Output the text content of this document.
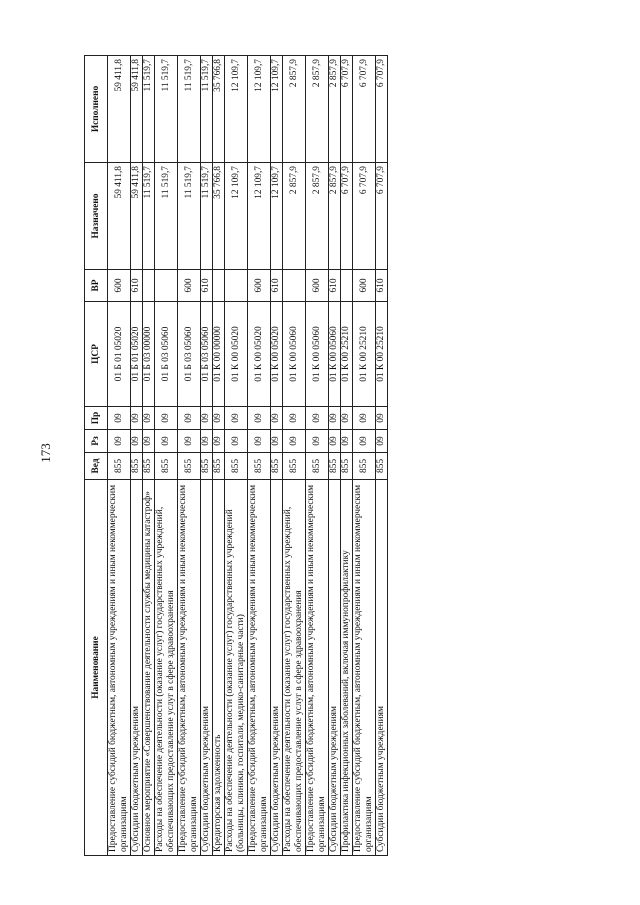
173
Наименование	Вед	Рз	Пр	ЦСР	ВР	Назначено	Исполнено
Предоставление субсидий бюджетным, автономным учреждениям и иным некоммерческим организациям	855	09	09	01 Б 01 05020	600	59 411,8	59 411,8
Субсидии бюджетным учреждениям	855	09	09	01 Б 01 05020	610	59 411,8	59 411,8
Основное мероприятие «Совершенствование деятельности службы медицины катастроф»	855	09	09	01 Б 03 00000		11 519,7	11 519,7
Расходы на обеспечение деятельности (оказание услуг) государственных учреждений, обеспечивающих предоставление услуг в сфере здравоохранения	855	09	09	01 Б 03 05060		11 519,7	11 519,7
Предоставление субсидий бюджетным, автономным учреждениям и иным некоммерческим организациям	855	09	09	01 Б 03 05060	600	11 519,7	11 519,7
Субсидии бюджетным учреждениям	855	09	09	01 Б 03 05060	610	11 519,7	11 519,7
Кредиторская задолженность	855	09	09	01 К 00 00000		35 766,8	35 766,8
Расходы на обеспечение деятельности (оказание услуг) государственных учреждений (больницы, клиники, госпитали, медико-санитарные части)	855	09	09	01 К 00 05020		12 109,7	12 109,7
Предоставление субсидий бюджетным, автономным учреждениям и иным некоммерческим организациям	855	09	09	01 К 00 05020	600	12 109,7	12 109,7
Субсидии бюджетным учреждениям	855	09	09	01 К 00 05020	610	12 109,7	12 109,7
Расходы на обеспечение деятельности (оказание услуг) государственных учреждений, обеспечивающих предоставление услуг в сфере здравоохранения	855	09	09	01 К 00 05060		2 857,9	2 857,9
Предоставление субсидий бюджетным, автономным учреждениям и иным некоммерческим организациям	855	09	09	01 К 00 05060	600	2 857,9	2 857,9
Субсидии бюджетным учреждениям	855	09	09	01 К 00 05060	610	2 857,9	2 857,9
Профилактика инфекционных заболеваний, включая иммунопрофилактику	855	09	09	01 К 00 25210		6 707,9	6 707,9
Предоставление субсидий бюджетным, автономным учреждениям и иным некоммерческим организациям	855	09	09	01 К 00 25210	600	6 707,9	6 707,9
Субсидии бюджетным учреждениям	855	09	09	01 К 00 25210	610	6 707,9	6 707,9
